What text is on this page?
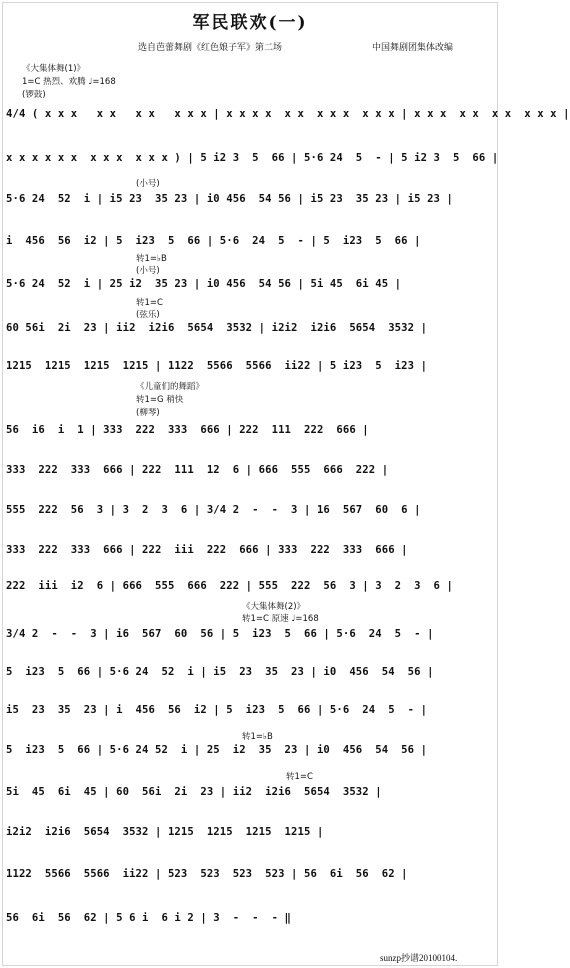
军民联欢(一)
选自芭蕾舞剧《红色娘子军》第二场	中国舞剧团集体改编
《大集体舞(1)》
1=C 热烈、欢腾 ♩=168
(锣鼓)
(小号)
转1=♭B
(小号)
转1=C
(弦乐)
《儿童们的舞蹈》
转1=G 稍快
(柳琴)
《大集体舞(2)》
转1=C 原速 ♩=168
转1=♭B
转1=C
4/4 ( x x x   x x   x x   x x x | x x x x  x x  x x x  x x x | x x x  x x  x x  x x x |
x x x x x x  x x x  x x x ) | 5 i2 3  5  66 | 5·6 24  5  - | 5 i2 3  5  66 |
5·6 24  52  i | i5 23  35 23 | i0 456  54 56 | i5 23  35 23 | i5 23 |
i  456  56  i2 | 5  i23  5  66 | 5·6  24  5  - | 5  i23  5  66 |
5·6 24  52  i | 25 i2  35 23 | i0 456  54 56 | 5i 45  6i 45 |
60 56i  2i  23 | ii2  i2i6  5654  3532 | i2i2  i2i6  5654  3532 |
1215  1215  1215  1215 | 1122  5566  5566  ii22 | 5 i23  5  i23 |
56  i6  i  1 | 333  222  333  666 | 222  111  222  666 |
333  222  333  666 | 222  111  12  6 | 666  555  666  222 |
555  222  56  3 | 3  2  3  6 | 3/4 2  -  -  3 | 16  567  60  6 |
333  222  333  666 | 222  iii  222  666 | 333  222  333  666 |
222  iii  i2  6 | 666  555  666  222 | 555  222  56  3 | 3  2  3  6 |
3/4 2  -  -  3 | i6  567  60  56 | 5  i23  5  66 | 5·6  24  5  - |
5  i23  5  66 | 5·6 24  52  i | i5  23  35  23 | i0  456  54  56 |
i5  23  35  23 | i  456  56  i2 | 5  i23  5  66 | 5·6  24  5  - |
5  i23  5  66 | 5·6 24 52  i | 25  i2  35  23 | i0  456  54  56 |
5i  45  6i  45 | 60  56i  2i  23 | ii2  i2i6  5654  3532 |
i2i2  i2i6  5654  3532 | 1215  1215  1215  1215 |
1122  5566  5566  ii22 | 523  523  523  523 | 56  6i  56  62 |
56  6i  56  62 | 5 6 i  6 i 2 | 3  -  -  - ‖
sunzp抄谱20100104.
